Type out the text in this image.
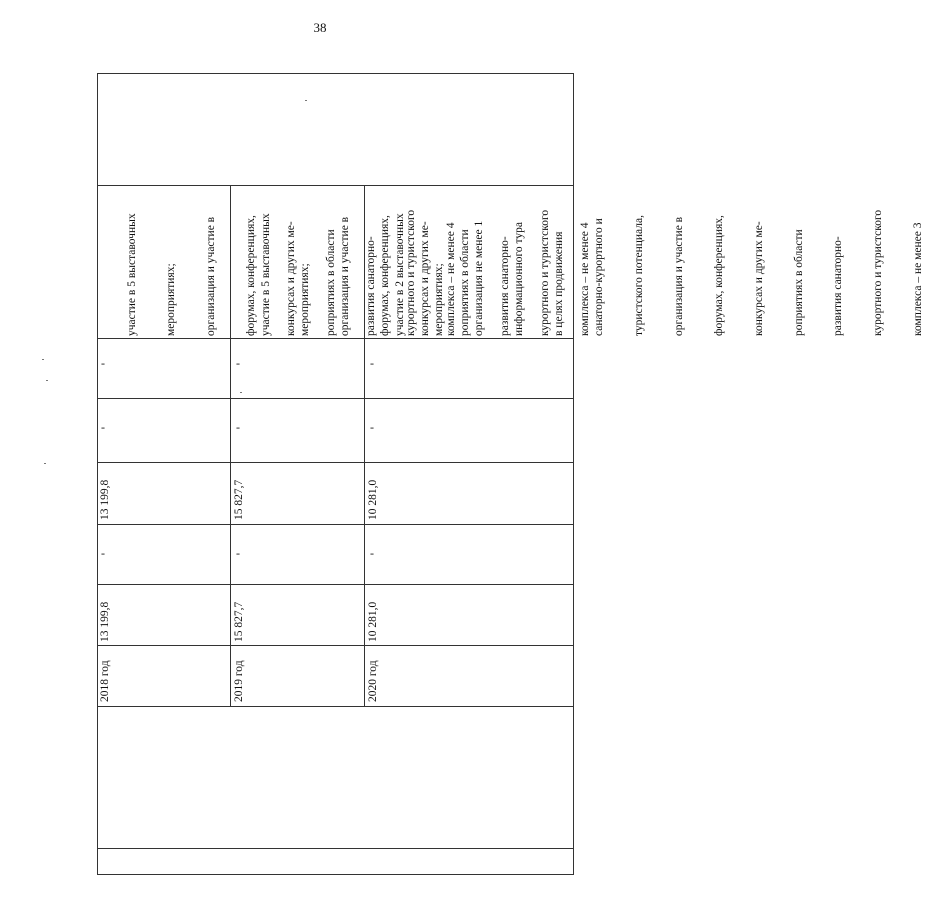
38
2018 год
13 199,8
-
13 199,8
-
-

участие в 5 выставочных

мероприятиях;

организация и участие в

форумах, конференциях,

конкурсах и других ме-

роприятиях в области

развития санаторно-

курортного и туристского

комплекса – не менее 4

2019 год
15 827,7
-
15 827,7
-
-

участие в 5 выставочных

мероприятиях;

организация и участие в

форумах, конференциях,

конкурсах и других ме-

роприятиях в области

развития санаторно-

курортного и туристского

комплекса – не менее 4

2020 год
10 281,0
-
10 281,0
-
-

участие в 2 выставочных

мероприятиях;

организация не менее 1

информационного тура

в целях продвижения

санаторно-курортного и

туристского потенциала,

организация и участие в

форумах, конференциях,

конкурсах и других ме-

роприятиях в области

развития санаторно-

курортного и туристского

комплекса – не менее 3
